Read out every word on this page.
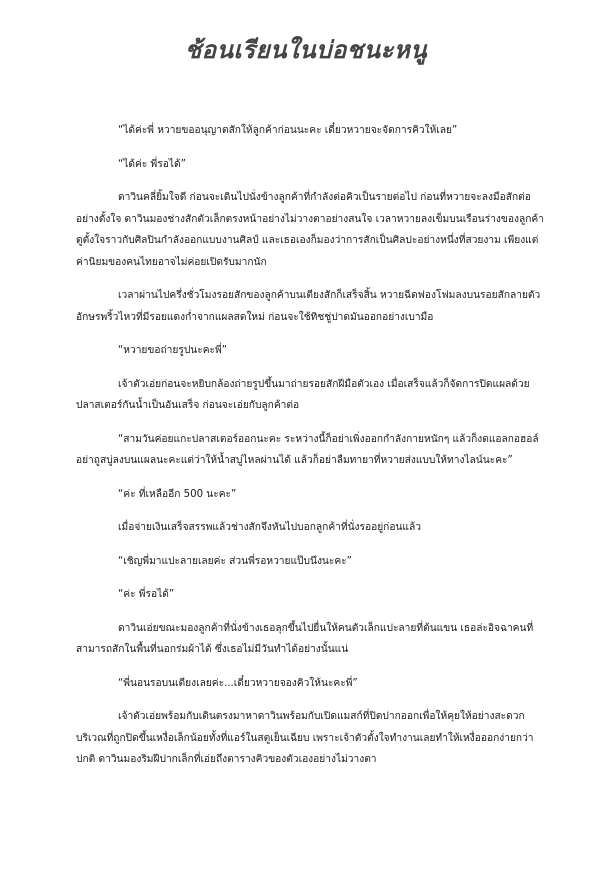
ช้อนเรียนในบ่อชนะหนู

“ได้ค่ะพี่ หวายขออนุญาตสักให้ลูกค้าก่อนนะคะ เดี๋ยวหวายจะจัดการคิวให้เลย”

“ได้ค่ะ พี่รอได้”

ดาวินคลี่ยิ้มใจดี ก่อนจะเดินไปนั่งข้างลูกค้าที่กำลังต่อคิวเป็นรายต่อไป ก่อนที่หวายจะลงมือสักต่ออย่างตั้งใจ ดาวินมองช่างสักตัวเล็กตรงหน้าอย่างไม่วางตาอย่างสนใจ เวลาหวายลงเข็มบนเรือนร่างของลูกค้าดูตั้งใจราวกับศิลปินกำลังออกแบบงานศิลป์ และเธอเองก็มองว่าการสักเป็นศิลปะอย่างหนึ่งที่สวยงาม เพียงแต่ค่านิยมของคนไทยอาจไม่ค่อยเปิดรับมากนัก

เวลาผ่านไปครึ่งชั่วโมงรอยสักของลูกค้าบนเตียงสักก็เสร็จสิ้น หวายฉีดฟองโฟมลงบนรอยสักลายตัวอักษรพริ้วไหวที่มีรอยแดงก่ำจากแผลสดใหม่ ก่อนจะใช้ทิชชู่ปาดมันออกอย่างเบามือ

“หวายขอถ่ายรูปนะคะพี่”

เจ้าตัวเอ่ยก่อนจะหยิบกล้องถ่ายรูปขึ้นมาถ่ายรอยสักฝีมือตัวเอง เมื่อเสร็จแล้วก็จัดการปิดแผลด้วยปลาสเตอร์กันน้ำเป็นอันเสร็จ ก่อนจะเอ่ยกับลูกค้าต่อ

“สามวันค่อยแกะปลาสเตอร์ออกนะคะ ระหว่างนี้ก็อย่าเพิ่งออกกำลังกายหนักๆ แล้วก็งดแอลกอฮอล์อย่าถูสบู่ลงบนแผลนะคะแต่ว่าให้น้ำสบู่ไหลผ่านได้ แล้วก็อย่าลืมทายาที่หวายส่งแบบให้ทางไลน์นะคะ”

“ค่ะ ที่เหลืออีก 500 นะคะ”

เมื่อจ่ายเงินเสร็จสรรพแล้วช่างสักจึงหันไปบอกลูกค้าที่นั่งรออยู่ก่อนแล้ว

“เชิญพี่มาแปะลายเลยค่ะ ส่วนพี่รอหวายแป๊บนึงนะคะ”

“ค่ะ พี่รอได้”

ดาวินเอ่ยขณะมองลูกค้าที่นั่งข้างเธอลุกขึ้นไปยื่นให้คนตัวเล็กแปะลายที่ต้นแขน เธอล่ะอิจฉาคนที่สามารถสักในพื้นที่นอกร่มผ้าได้ ซึ่งเธอไม่มีวันทำได้อย่างนั้นแน่

“พี่นอนรอบนเตียงเลยค่ะ...เดี๋ยวหวายจองคิวให้นะคะพี่”

เจ้าตัวเอ่ยพร้อมกับเดินตรงมาหาดาวินพร้อมกับเปิดแมสก์ที่ปิดปากออกเพื่อให้คุยให้อย่างสะดวกบริเวณที่ถูกปิดขึ้นเหงื่อเล็กน้อยทั้งที่แอร์ในสตูเย็นเฉียบ เพราะเจ้าตัวตั้งใจทำงานเลยทำให้เหงื่อออกง่ายกว่าปกติ ดาวินมองริมฝีปากเล็กที่เอ่ยถึงตารางคิวของตัวเองอย่างไม่วางตา
